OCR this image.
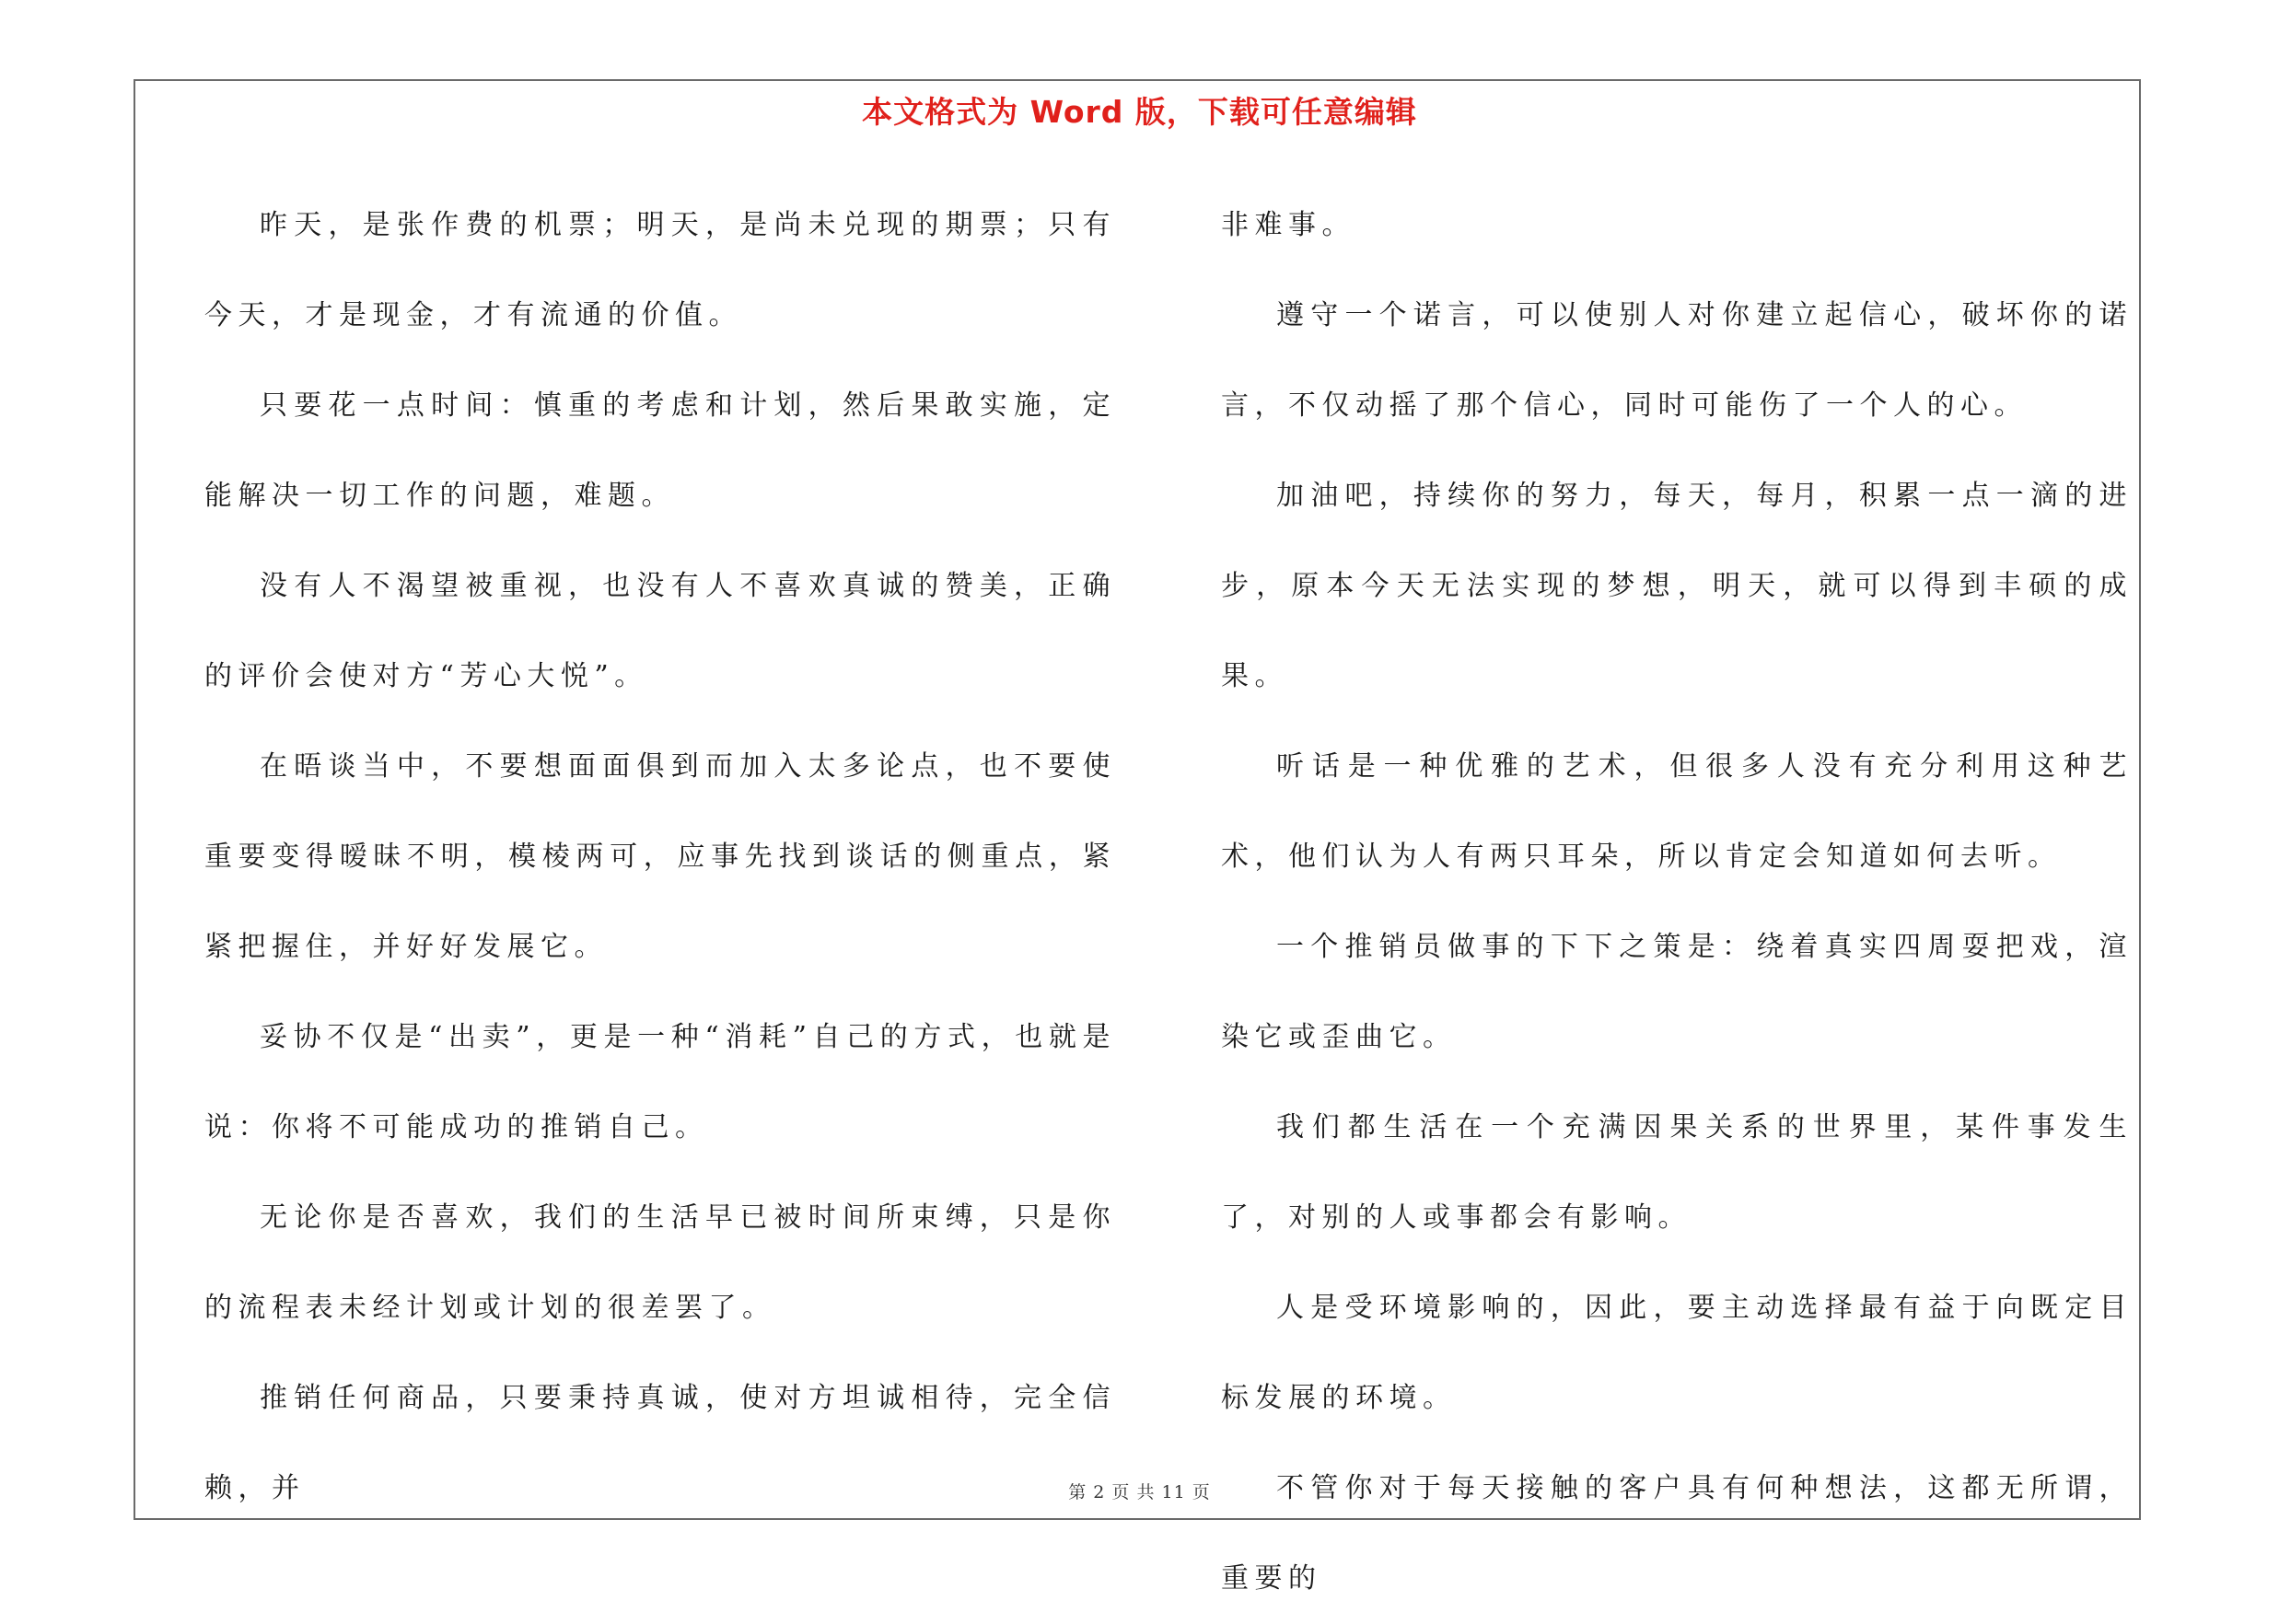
本文格式为 Word 版，下载可任意编辑

昨天，是张作费的机票；明天，是尚未兑现的期票；只有今天，才是现金，才有流通的价值。

只要花一点时间：慎重的考虑和计划，然后果敢实施，定能解决一切工作的问题，难题。

没有人不渴望被重视，也没有人不喜欢真诚的赞美，正确的评价会使对方“芳心大悦”。

在晤谈当中，不要想面面俱到而加入太多论点，也不要使重要变得暧昧不明，模棱两可，应事先找到谈话的侧重点，紧紧把握住，并好好发展它。

妥协不仅是“出卖”，更是一种“消耗”自己的方式，也就是说：你将不可能成功的推销自己。

无论你是否喜欢，我们的生活早已被时间所束缚，只是你的流程表未经计划或计划的很差罢了。

推销任何商品，只要秉持真诚，使对方坦诚相待，完全信赖，并

非难事。

遵守一个诺言，可以使别人对你建立起信心，破坏你的诺言，不仅动摇了那个信心，同时可能伤了一个人的心。

加油吧，持续你的努力，每天，每月，积累一点一滴的进步，原本今天无法实现的梦想，明天，就可以得到丰硕的成果。

听话是一种优雅的艺术，但很多人没有充分利用这种艺术，他们认为人有两只耳朵，所以肯定会知道如何去听。

一个推销员做事的下下之策是：绕着真实四周耍把戏，渲染它或歪曲它。

我们都生活在一个充满因果关系的世界里，某件事发生了，对别的人或事都会有影响。

人是受环境影响的，因此，要主动选择最有益于向既定目标发展的环境。

不管你对于每天接触的客户具有何种想法，这都无所谓，重要的

第 2 页 共 11 页
